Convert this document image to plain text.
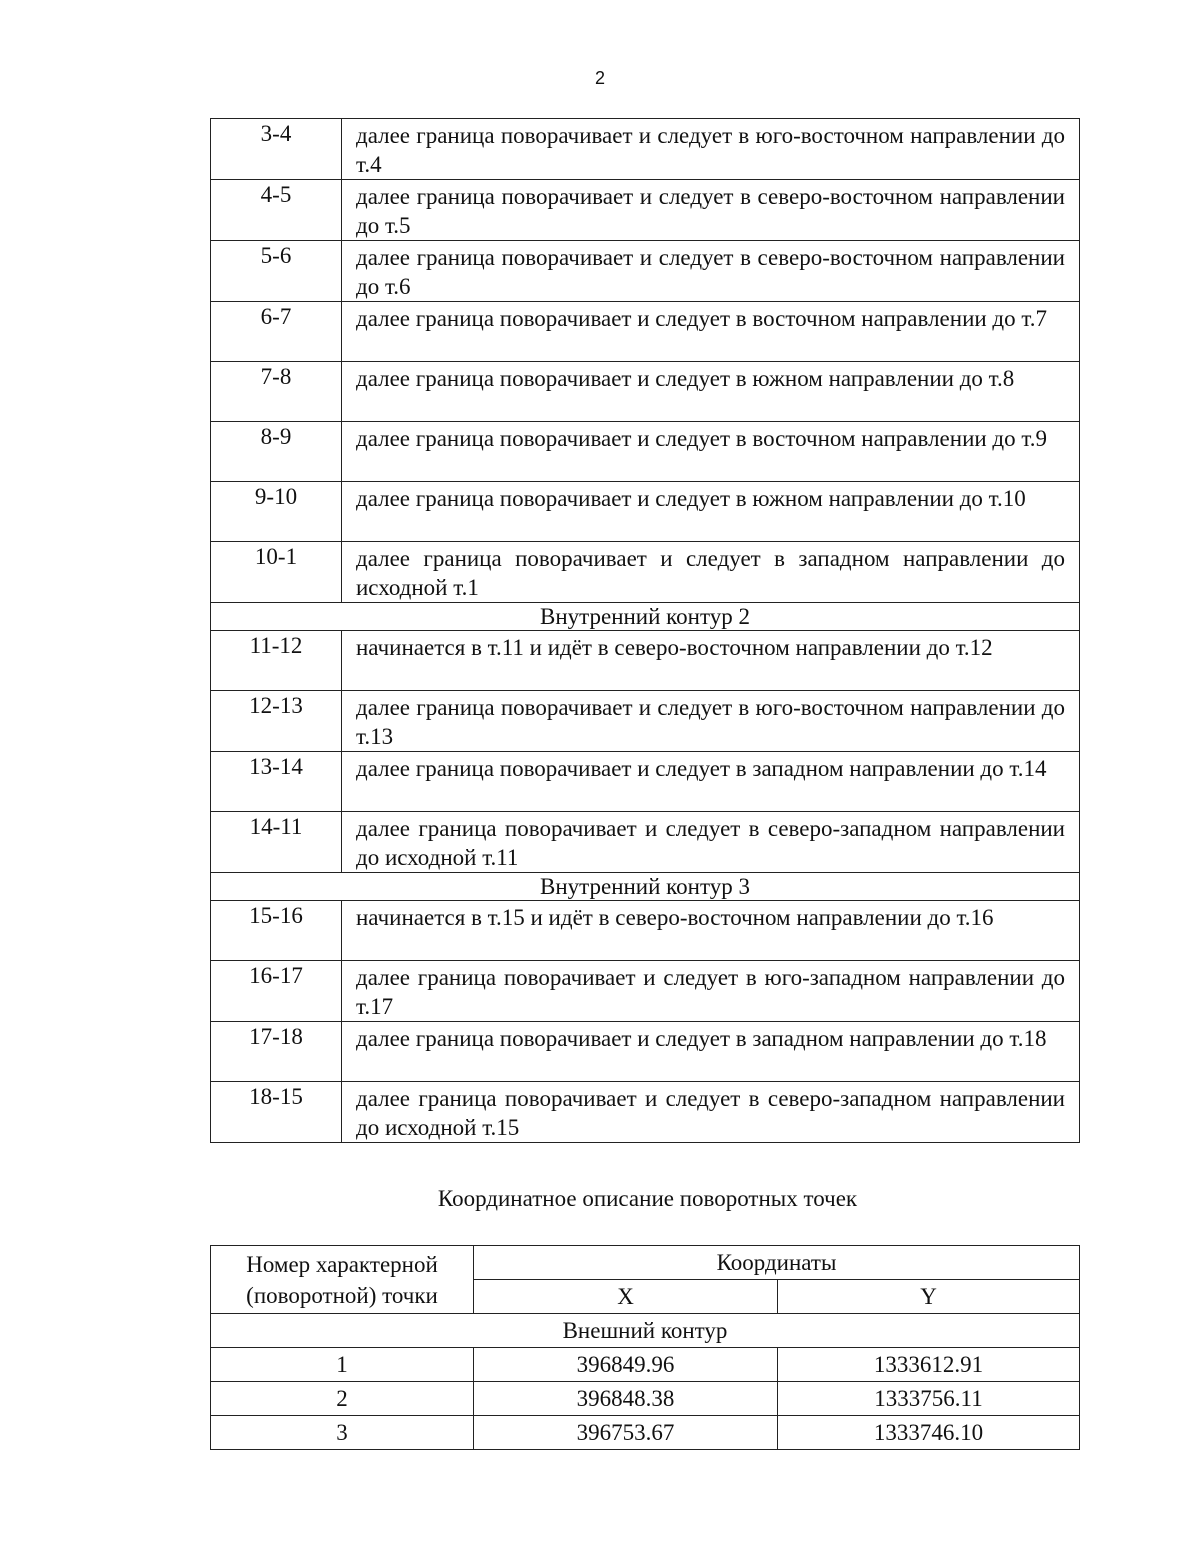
2
3-4	далее граница поворачивает и следует в юго-восточном направлении до т.4
4-5	далее граница поворачивает и следует в северо-восточном направлении до т.5
5-6	далее граница поворачивает и следует в северо-восточном направлении до т.6
6-7	далее граница поворачивает и следует в восточном направлении до т.7
7-8	далее граница поворачивает и следует в южном направлении до т.8
8-9	далее граница поворачивает и следует в восточном направлении до т.9
9-10	далее граница поворачивает и следует в южном направлении до т.10
10-1	далее граница поворачивает и следует в западном направлении до исходной т.1
Внутренний контур 2	
11-12	начинается в т.11 и идёт в северо-восточном направлении до т.12
12-13	далее граница поворачивает и следует в юго-восточном направлении до т.13
13-14	далее граница поворачивает и следует в западном направлении до т.14
14-11	далее граница поворачивает и следует в северо-западном направлении до исходной т.11
Внутренний контур 3	
15-16	начинается в т.15 и идёт в северо-восточном направлении до т.16
16-17	далее граница поворачивает и следует в юго-западном направлении до т.17
17-18	далее граница поворачивает и следует в западном направлении до т.18
18-15	далее граница поворачивает и следует в северо-западном направлении до исходной т.15
Координатное описание поворотных точек
Номер характерной (поворотной) точки	Координаты	
	X	Y
Внешний контур		
1	396849.96	1333612.91
2	396848.38	1333756.11
3	396753.67	1333746.10
